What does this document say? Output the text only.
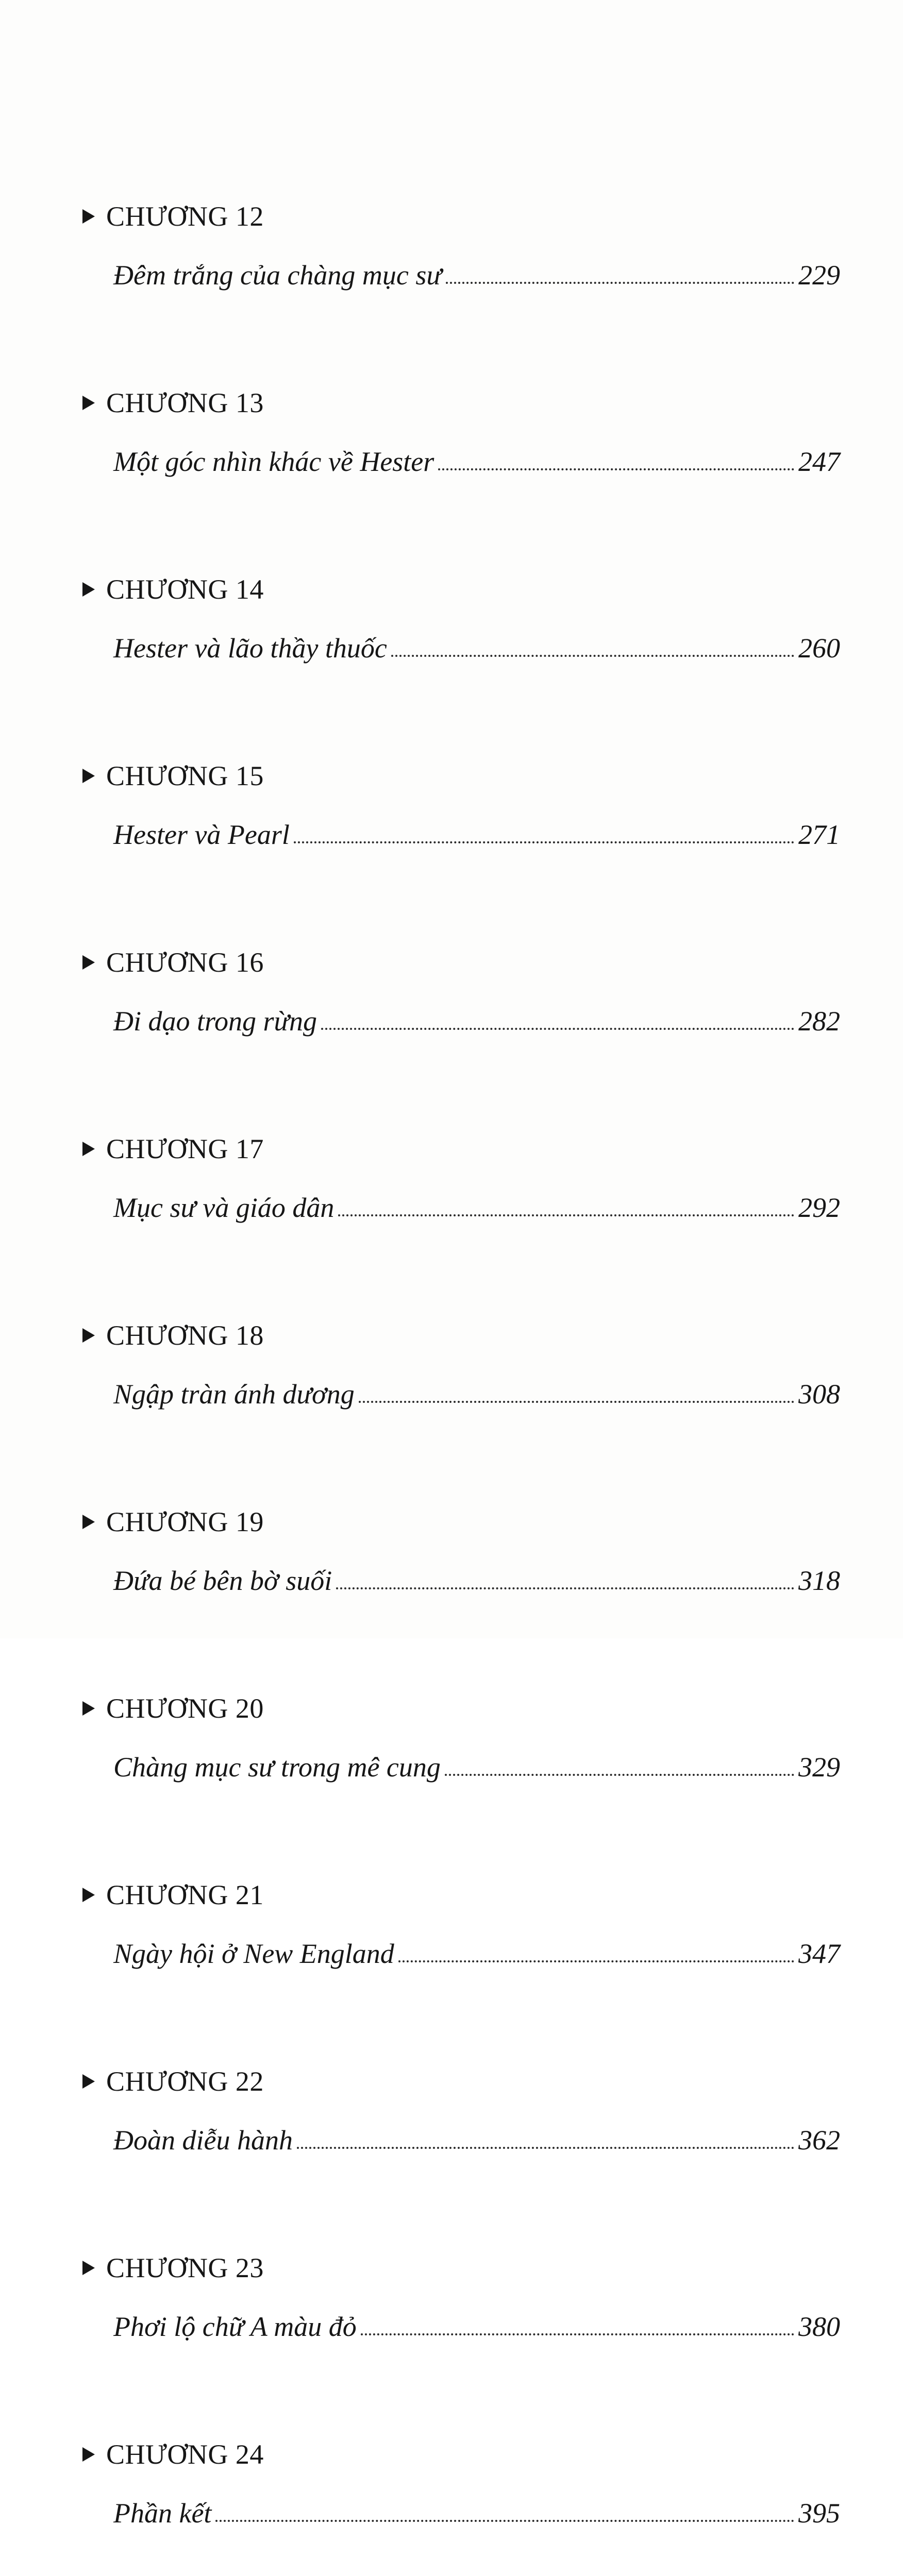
CHƯƠNG 12
Đêm trắng của chàng mục sư	229
CHƯƠNG 13
Một góc nhìn khác về Hester	247
CHƯƠNG 14
Hester và lão thầy thuốc	260
CHƯƠNG 15
Hester và Pearl	271
CHƯƠNG 16
Đi dạo trong rừng	282
CHƯƠNG 17
Mục sư và giáo dân	292
CHƯƠNG 18
Ngập tràn ánh dương	308
CHƯƠNG 19
Đứa bé bên bờ suối	318
CHƯƠNG 20
Chàng mục sư trong mê cung	329
CHƯƠNG 21
Ngày hội ở New England	347
CHƯƠNG 22
Đoàn diễu hành	362
CHƯƠNG 23
Phơi lộ chữ A màu đỏ	380
CHƯƠNG 24
Phần kết	395
